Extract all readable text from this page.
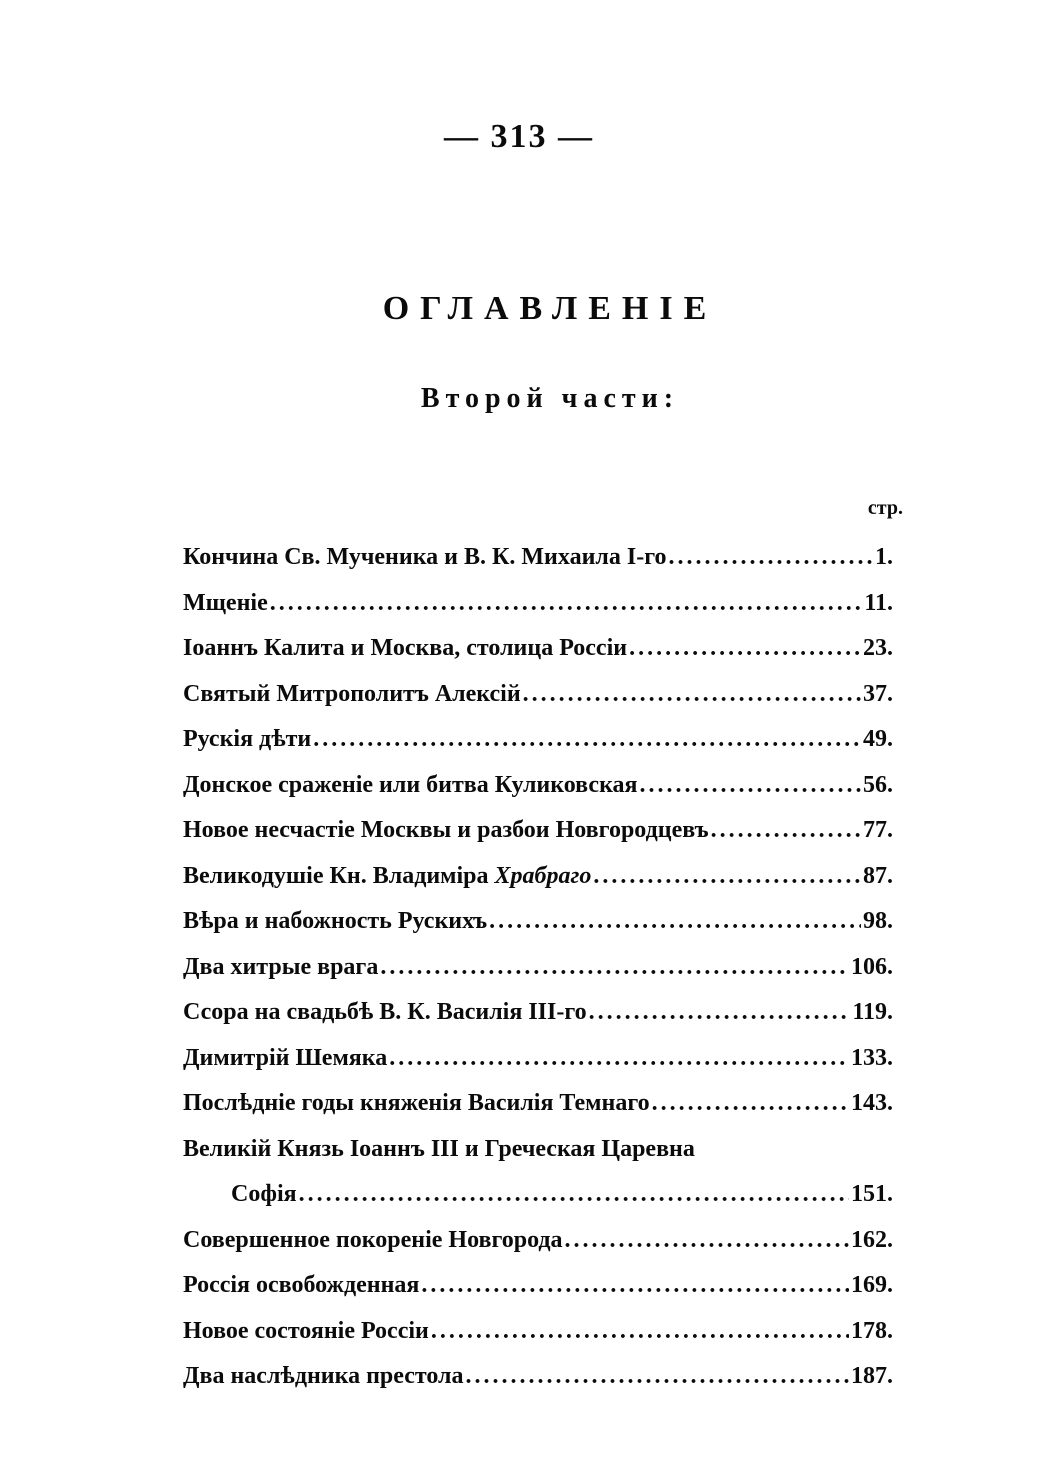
— 313 —
ОГЛАВЛЕНІЕ
Второй части:
стр.
Кончина Св. Мученика и В. К. Михаила І-го .....	1.
Мщеніе .....	11.
Іоаннъ Калита и Москва, столица Россіи .....	23.
Святый Митрополитъ Алексій .....	37.
Рускія дѣти .....	49.
Донское сраженіе или битва Куликовская .....	56.
Новое несчастіе Москвы и разбои Новгородцевъ .....	77.
Великодушіе Кн. Владиміра Храбраго .....	87.
Вѣра и набожность Рускихъ .....	98.
Два хитрые врага .....	106.
Ссора на свадьбѣ В. К. Василія III-го .....	119.
Димитрій Шемяка .....	133.
Послѣдніе годы княженія Василія Темнаго .....	143.
Великій Князь Іоаннъ III и Греческая Царевна
Софія .....	151.
Совершенное покореніе Новгорода .....	162.
Россія освобожденная .....	169.
Новое состояніе Россіи .....	178.
Два наслѣдника престола .....	187.
